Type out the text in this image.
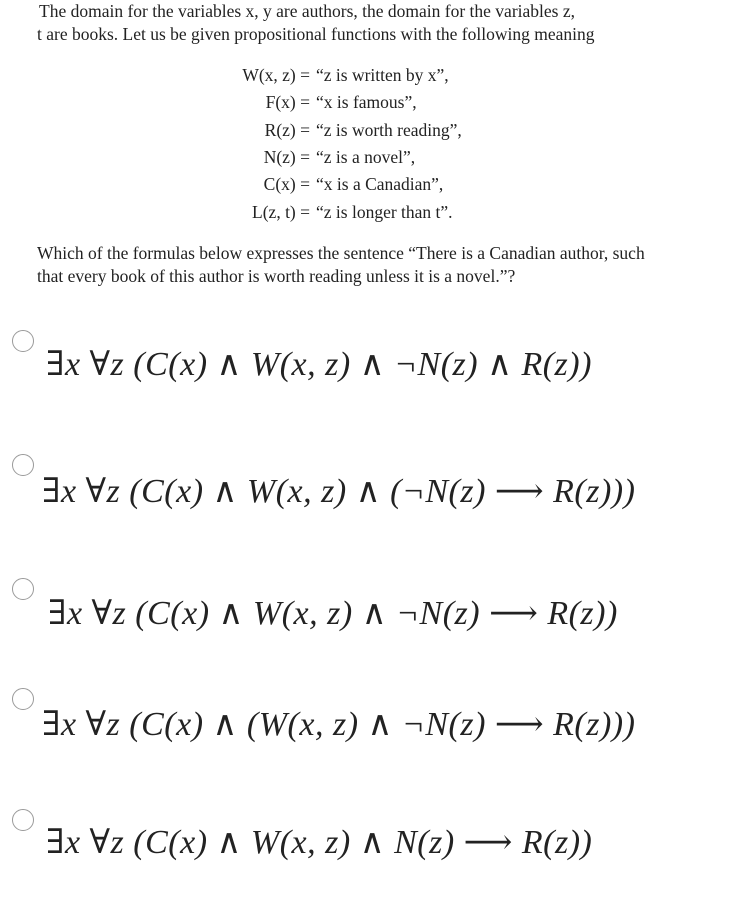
The domain for the variables x, y are authors, the domain for the variables z,
t are books. Let us be given propositional functions with the following meaning
W(x, z) =	“z is written by x”,
F(x) =	“x is famous”,
R(z) =	“z is worth reading”,
N(z) =	“z is a novel”,
C(x) =	“x is a Canadian”,
L(z, t) =	“z is longer than t”.
Which of the formulas below expresses the sentence “There is a Canadian author, such
that every book of this author is worth reading unless it is a novel.”?
∃x ∀z (C(x) ∧ W(x, z) ∧ ¬N(z) ∧ R(z))
∃x ∀z (C(x) ∧ W(x, z) ∧ (¬N(z) ⟶ R(z)))
∃x ∀z (C(x) ∧ W(x, z) ∧ ¬N(z) ⟶ R(z))
∃x ∀z (C(x) ∧ (W(x, z) ∧ ¬N(z) ⟶ R(z)))
∃x ∀z (C(x) ∧ W(x, z) ∧ N(z) ⟶ R(z))
